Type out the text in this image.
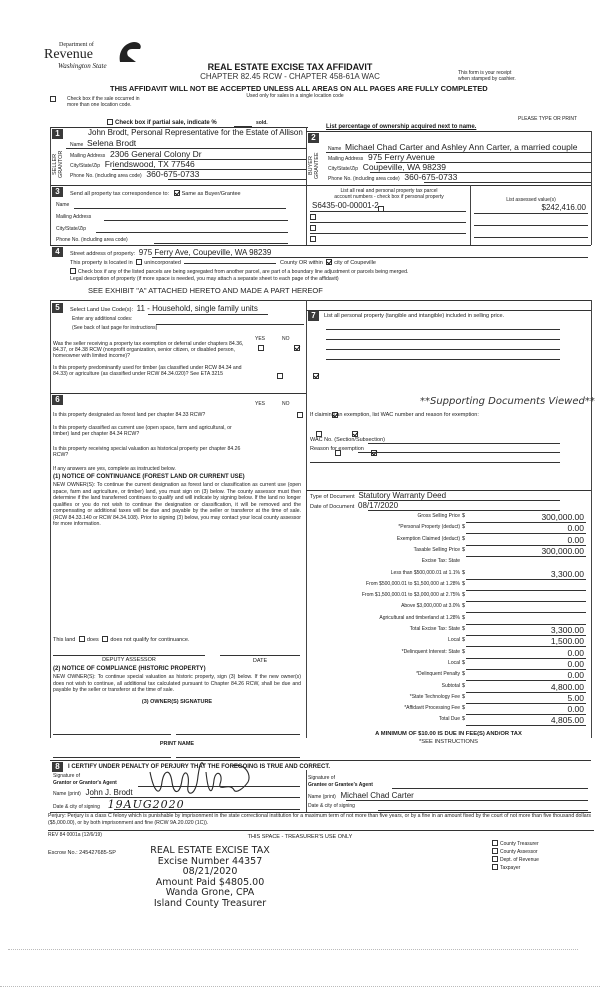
Department of
Revenue
Washington State	REAL ESTATE EXCISE TAX AFFIDAVIT
CHAPTER 82.45 RCW - CHAPTER 458-61A WAC	This form is your receipt
when stamped by cashier.
THIS AFFIDAVIT WILL NOT BE ACCEPTED UNLESS ALL AREAS ON ALL PAGES ARE FULLY COMPLETED
Used only for sales in a single location code
Check box if the sale occurred in
more than one location code.
PLEASE TYPE OR PRINT
Check box if partial sale, indicate %	sold.
List percentage of ownership acquired next to name.
1
SELLER GRANTOR
John Brodt, Personal Representative for the Estate of Allison
Name Selena Brodt
Mailing Address 2306 General Colony Dr
City/State/Zip Friendswood, TX 77546
Phone No. (including area code) 360-675-0733
2
BUYER GRANTEE
Name Michael Chad Carter and Ashley Ann Carter, a married couple
Mailing Address 975 Ferry Avenue
City/State/Zip Coupeville, WA 98239
Phone No. (including area code) 360-675-0733
3	Send all property tax correspondence to: Same as Buyer/Grantee
Name
Mailing Address
City/State/Zip
Phone No. (including area code)
List all real and personal property tax parcel
account numbers - check box if personal property	List assessed value(s)
S6435-00-00001-2	$242,416.00
4	Street address of property: 975 Ferry Ave, Coupeville, WA 98239
This property is located in unincorporated	County OR within city of Coupeville
Check box if any of the listed parcels are being segregated from another parcel, are part of a boundary line adjustment or parcels being merged.
Legal description of property (if more space is needed, you may attach a separate sheet to each page of the affidavit)
SEE EXHIBIT "A" ATTACHED HERETO AND MADE A PART HEREOF
5	Select Land Use Code(s): 11 - Household, single family units
Enter any additional codes:
(See back of last page for instructions)
YES	NO
Was the seller receiving a property tax exemption or deferral under chapters 84.36, 84.37, or 84.38 RCW (nonprofit organization, senior citizen, or disabled person, homeowner with limited income)?

Is this property predominantly used for timber (as classified under RCW 84.34 and 84.33) or agriculture (as classified under RCW 84.34.020)? See ETA 3215

6	YES	NO
Is this property designated as forest land per chapter 84.33 RCW?

Is this property classified as current use (open space, farm and agricultural, or timber) land per chapter 84.34 RCW?

Is this property receiving special valuation as historical property per chapter 84.26 RCW?

If any answers are yes, complete as instructed below.
(1) NOTICE OF CONTINUANCE (FOREST LAND OR CURRENT USE)
NEW OWNER(S): To continue the current designation as forest land or classification as current use (open space, farm and agriculture, or timber) land, you must sign on (3) below. The county assessor must then determine if the land transferred continues to qualify and will indicate by signing below. If the land no longer qualifies or you do not wish to continue the designation or classification, it will be removed and the compensating or additional taxes will be due and payable by the seller or transferor at the time of sale. (RCW 84.33.140 or RCW 84.34.108). Prior to signing (3) below, you may contact your local county assessor for more information.
This land does does not qualify for continuance.
DEPUTY ASSESSOR	DATE
(2) NOTICE OF COMPLIANCE (HISTORIC PROPERTY)
NEW OWNER(S): To continue special valuation as historic property, sign (3) below. If the new owner(s) does not wish to continue, all additional tax calculated pursuant to Chapter 84.26 RCW, shall be due and payable by the seller or transferor at the time of sale.
(3) OWNER(S) SIGNATURE
PRINT NAME
7	List all personal property (tangible and intangible) included in selling price.
**Supporting Documents Viewed**
If claiming an exemption, list WAC number and reason for exemption:
WAC No. (Section/Subsection)
Reason for exemption
Type of Document Statutory Warranty Deed
Date of Document 08/17/2020
Gross Selling Price $	300,000.00
*Personal Property (deduct) $	0.00
Exemption Claimed (deduct) $	0.00
Taxable Selling Price $	300,000.00
Excise Tax: State
Less than $500,000.01 at 1.1% $	3,300.00
From $500,000.01 to $1,500,000 at 1.28% $
From $1,500,000.01 to $3,000,000 at 2.75% $
Above $3,000,000 at 3.0% $
Agricultural and timberland at 1.28% $
Total Excise Tax: State $	3,300.00
Local $	1,500.00
*Delinquent Interest: State $	0.00
Local $	0.00
*Delinquent Penalty $	0.00
Subtotal $	4,800.00
*State Technology Fee $	5.00
*Affidavit Processing Fee $	0.00
Total Due $	4,805.00
A MINIMUM OF $10.00 IS DUE IN FEE(S) AND/OR TAX
*SEE INSTRUCTIONS
8	I CERTIFY UNDER PENALTY OF PERJURY THAT THE FOREGOING IS TRUE AND CORRECT.
Signature of
Grantor or Grantor's Agent
Name (print) John J. Brodt
Date & city of signing 19AUG2020
Signature of
Grantee or Grantee's Agent
Name (print) Michael Chad Carter
Date & city of signing
Perjury: Perjury is a class C felony which is punishable by imprisonment in the state correctional institution for a maximum term of not more than five years, or by a fine in an amount fixed by the court of not more than five thousand dollars ($5,000.00), or by both imprisonment and fine (RCW 9A.20.020 (1C)).
REV 84 0001a (12/6/19)	THIS SPACE - TREASURER'S USE ONLY
Escrow No.: 245427685-SP	REAL ESTATE EXCISE TAX
Excise Number 44357
08/21/2020
Amount Paid $4805.00
Wanda Grone, CPA
Island County Treasurer
County Treasurer
County Assessor
Dept. of Revenue
Taxpayer
